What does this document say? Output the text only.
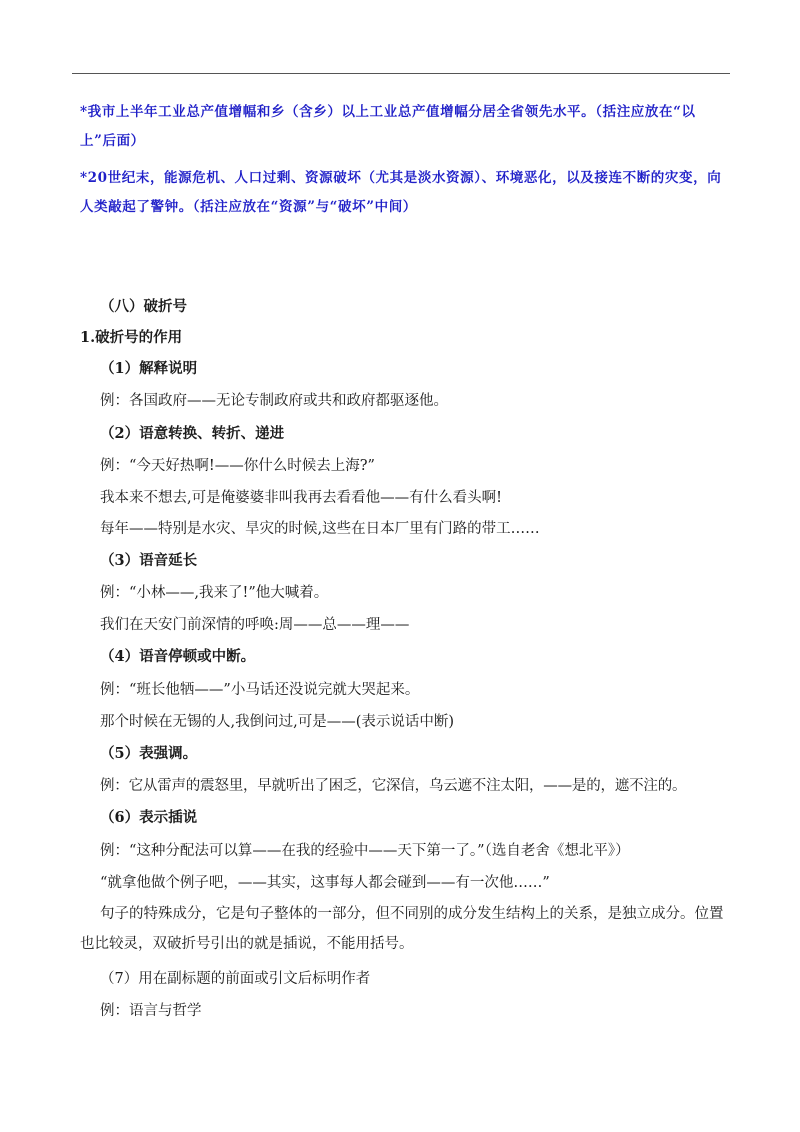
*我市上半年工业总产值增幅和乡（含乡）以上工业总产值增幅分居全省领先水平。（括注应放在“以上”后面）
*20世纪末，能源危机、人口过剩、资源破坏（尤其是淡水资源）、环境恶化，以及接连不断的灾变，向人类敲起了警钟。（括注应放在“资源”与“破坏”中间）
（八）破折号
1.破折号的作用
（1）解释说明
例：各国政府——无论专制政府或共和政府都驱逐他。
（2）语意转换、转折、递进
例：“今天好热啊!——你什么时候去上海?”
我本来不想去,可是俺婆婆非叫我再去看看他——有什么看头啊!
每年——特别是水灾、旱灾的时候,这些在日本厂里有门路的带工……
（3）语音延长
例：“小林——,我来了!”他大喊着。
我们在天安门前深情的呼唤:周——总——理——
（4）语音停顿或中断。
例：“班长他牺——”小马话还没说完就大哭起来。
那个时候在无锡的人,我倒问过,可是——(表示说话中断)
（5）表强调。
例：它从雷声的震怒里，早就听出了困乏，它深信，乌云遮不注太阳，——是的，遮不注的。
（6）表示插说
例：“这种分配法可以算——在我的经验中——天下第一了。”（选自老舍《想北平》）
“就拿他做个例子吧，——其实，这事每人都会碰到——有一次他……”
句子的特殊成分，它是句子整体的一部分，但不同别的成分发生结构上的关系，是独立成分。位置也比较灵，双破折号引出的就是插说，不能用括号。
（7）用在副标题的前面或引文后标明作者
例：语言与哲学
